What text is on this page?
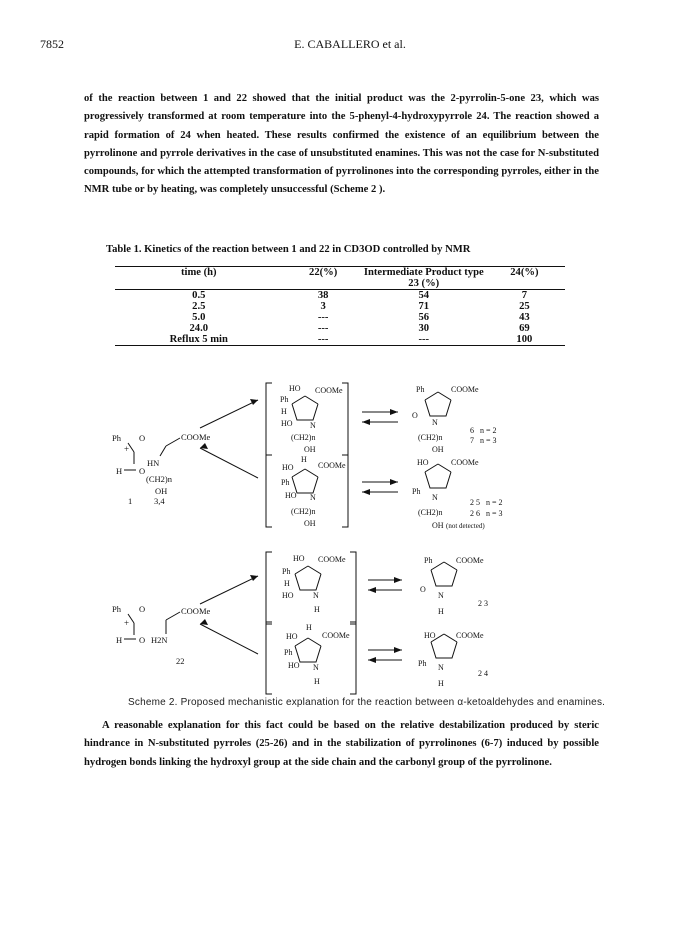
7852	E. CABALLERO et al.
of the reaction between 1 and 22 showed that the initial product was the 2-pyrrolin-5-one 23, which was progressively transformed at room temperature into the 5-phenyl-4-hydroxypyrrole 24. The reaction showed a rapid formation of 24 when heated. These results confirmed the existence of an equilibrium between the pyrrolinone and pyrrole derivatives in the case of unsubstituted enamines. This was not the case for N-substituted compounds, for which the attempted transformation of pyrrolinones into the corresponding pyrroles, either in the NMR tube or by heating, was completely unsuccessful (Scheme 2 ).
Table 1. Kinetics of the reaction between 1 and 22 in CD3OD controlled by NMR
time (h)	22(%)	Intermediate Product type 23 (%)	24(%)
0.5	38	54	7
2.5	3	71	25
5.0	---	56	43
24.0	---	30	69
Reflux 5 min	---	---	100
Ph O
+
H O
COOMe
HN
(CH2)n
OH
1	3,4
HO COOMe
Ph
H
HO N
(CH2)n
OH
Ph	COOMe
O
N
(CH2)n
OH
6 n = 2
7 n = 3
H
HO	COOMe
Ph
HO N
(CH2)n
OH
HO	COOMe
Ph
N
(CH2)n
OH
2 5 n = 2
2 6 n = 3
(not detected)
Ph O
+
H O
COOMe
H2N
22
HO COOMe
Ph
H
HO N
H
Ph	COOMe
O
N
H
2 3
H
HO	COOMe
Ph
HO N
H
HO	COOMe
Ph N
H
2 4
Scheme 2. Proposed mechanistic explanation for the reaction between α-ketoaldehydes and enamines.
A reasonable explanation for this fact could be based on the relative destabilization produced by steric hindrance in N-substituted pyrroles (25-26) and in the stabilization of pyrrolinones (6-7) induced by possible hydrogen bonds linking the hydroxyl group at the side chain and the carbonyl group of the pyrrolinone.
